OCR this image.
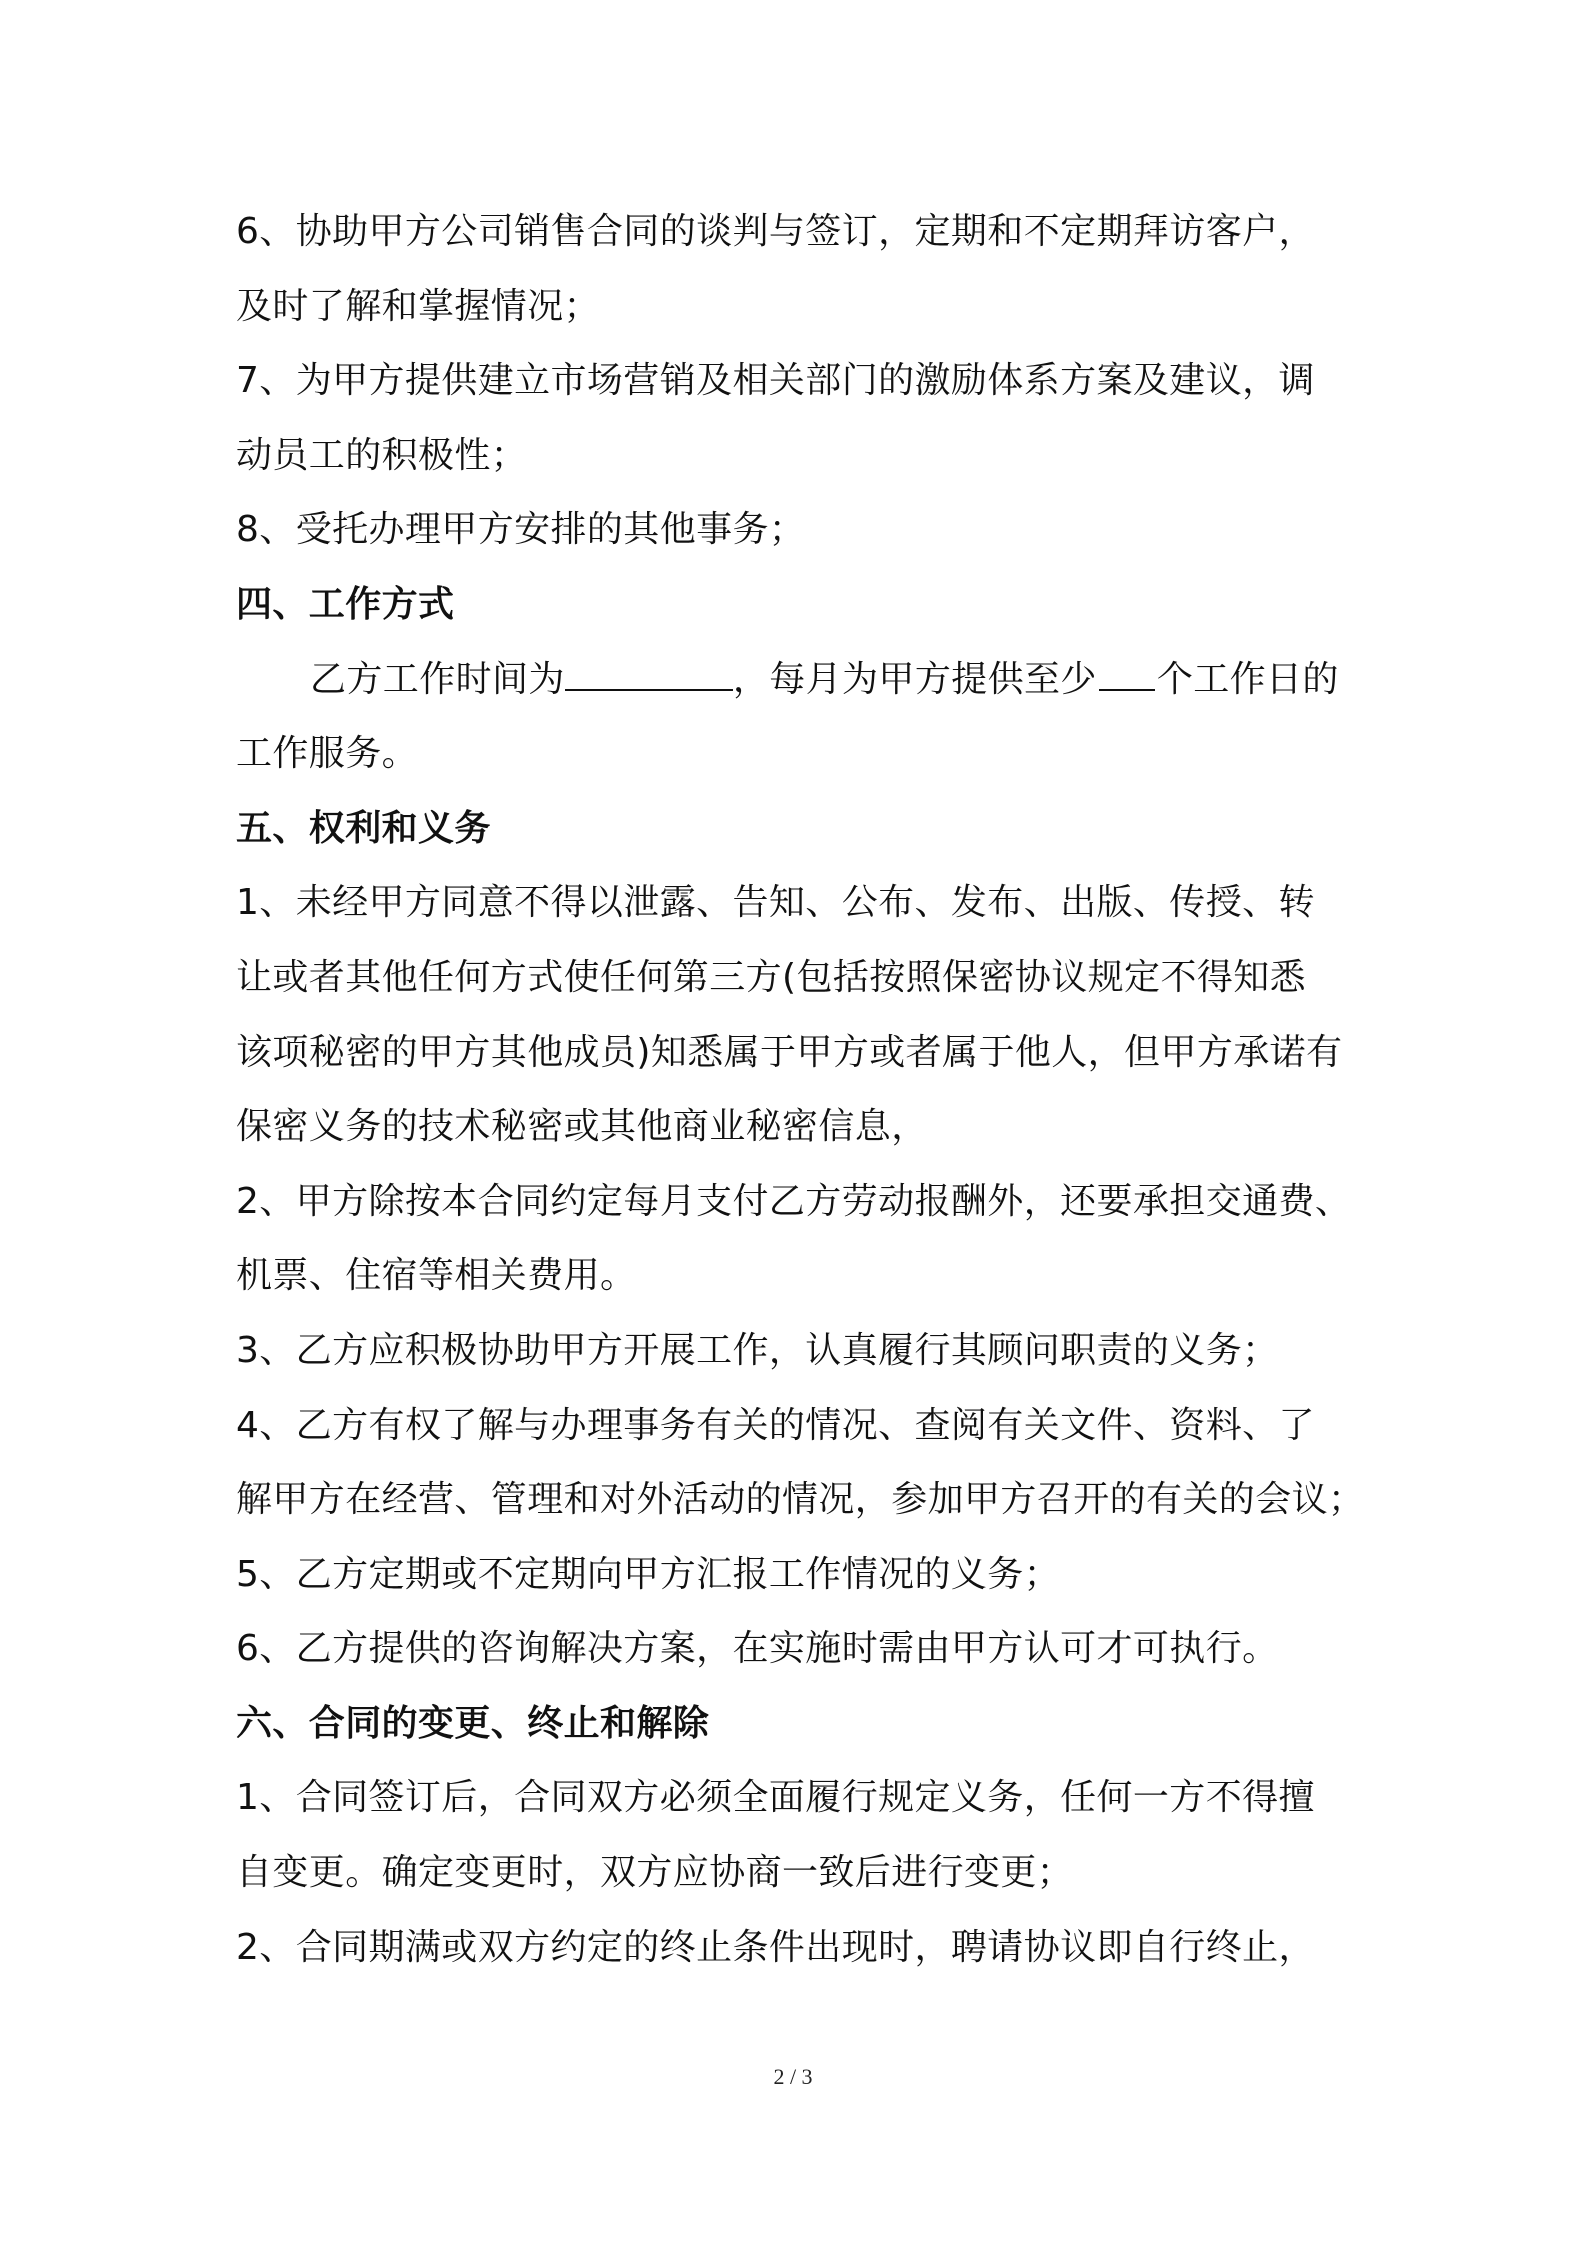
6、协助甲方公司销售合同的谈判与签订，定期和不定期拜访客户，
及时了解和掌握情况；
7、为甲方提供建立市场营销及相关部门的激励体系方案及建议，调
动员工的积极性；
8、受托办理甲方安排的其他事务；
四、工作方式
乙方工作时间为	，每月为甲方提供至少 个工作日的
工作服务。
五、权利和义务
1、未经甲方同意不得以泄露、告知、公布、发布、出版、传授、转
让或者其他任何方式使任何第三方(包括按照保密协议规定不得知悉
该项秘密的甲方其他成员)知悉属于甲方或者属于他人，但甲方承诺有
保密义务的技术秘密或其他商业秘密信息，
2、甲方除按本合同约定每月支付乙方劳动报酬外，还要承担交通费、
机票、住宿等相关费用。
3、乙方应积极协助甲方开展工作，认真履行其顾问职责的义务；
4、乙方有权了解与办理事务有关的情况、查阅有关文件、资料、了
解甲方在经营、管理和对外活动的情况，参加甲方召开的有关的会议；
5、乙方定期或不定期向甲方汇报工作情况的义务；
6、乙方提供的咨询解决方案，在实施时需由甲方认可才可执行。
六、合同的变更、终止和解除
1、合同签订后，合同双方必须全面履行规定义务，任何一方不得擅
自变更。确定变更时，双方应协商一致后进行变更；
2、合同期满或双方约定的终止条件出现时，聘请协议即自行终止，
2 / 3
